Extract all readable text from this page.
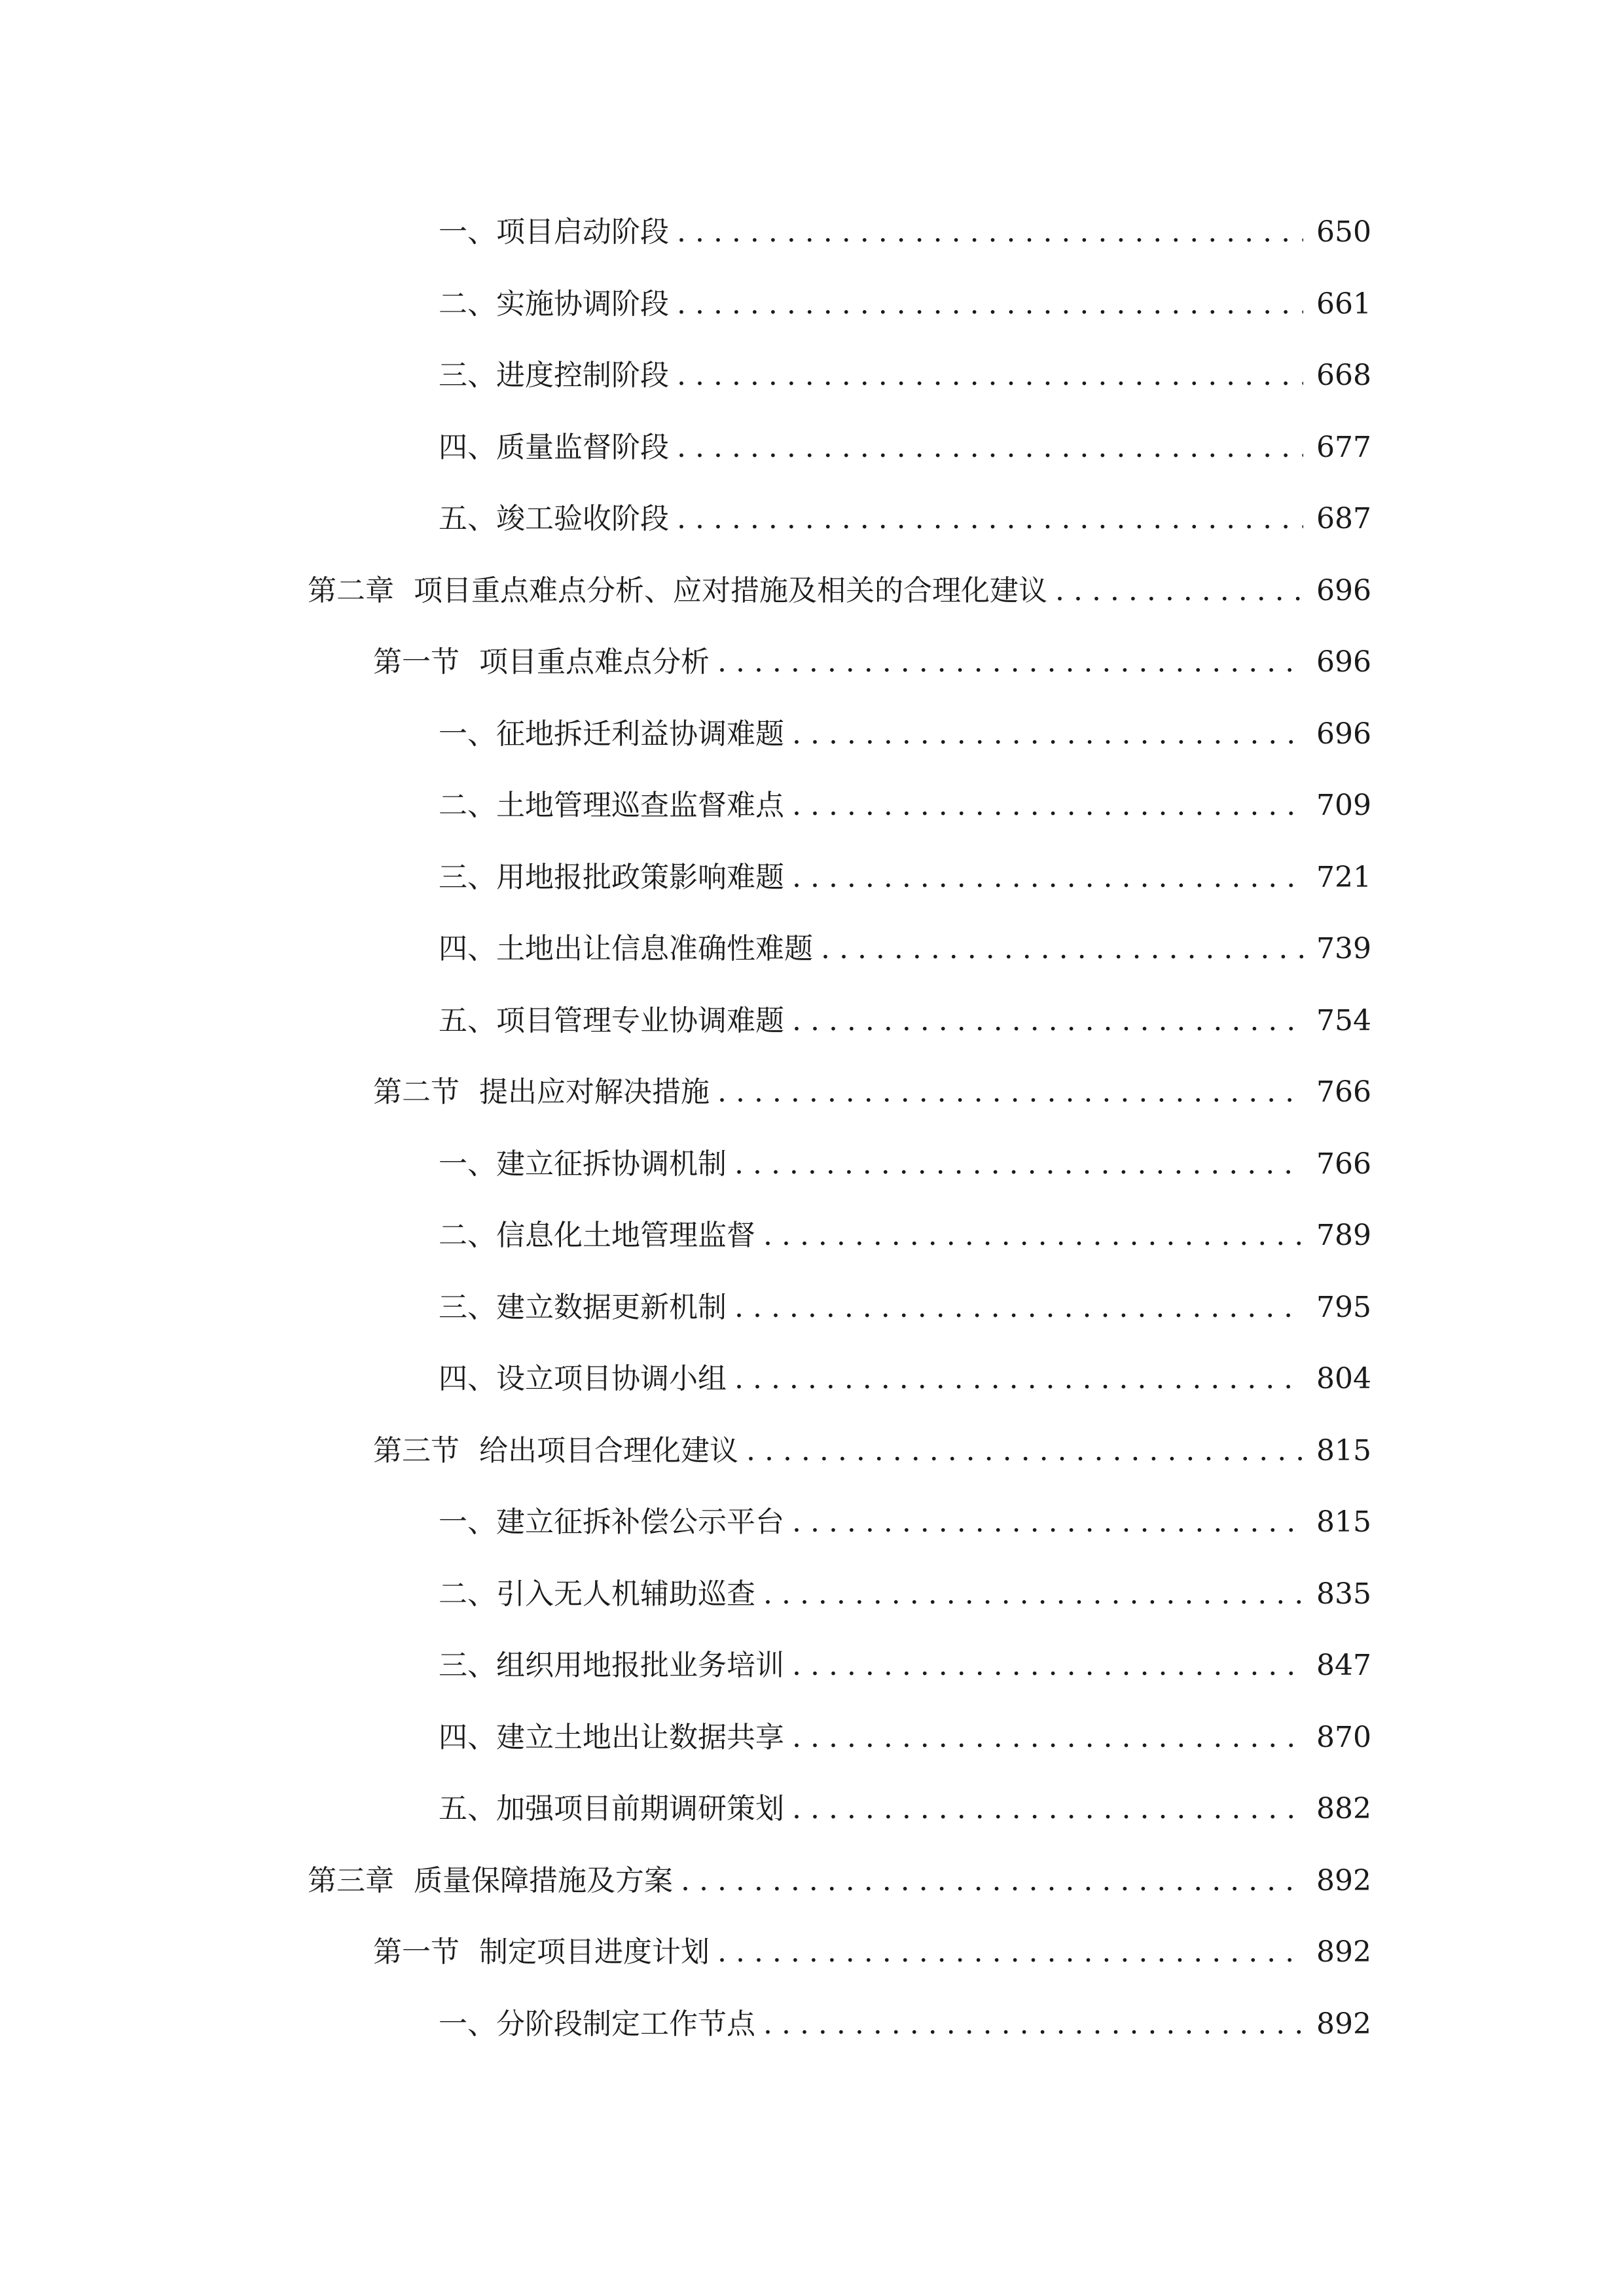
一、 项目启动阶段 . . .	650
二、 实施协调阶段 . . .	661
三、 进度控制阶段 . . .	668
四、 质量监督阶段 . . .	677
五、 竣工验收阶段 . . .	687
第二章 项目重点难点分析、应对措施及相关的合理化建议 . . .	696
第一节 项目重点难点分析 . . .	696
一、 征地拆迁利益协调难题 . . .	696
二、 土地管理巡查监督难点 . . .	709
三、 用地报批政策影响难题 . . .	721
四、 土地出让信息准确性难题 . . .	739
五、 项目管理专业协调难题 . . .	754
第二节 提出应对解决措施 . . .	766
一、 建立征拆协调机制 . . .	766
二、 信息化土地管理监督 . . .	789
三、 建立数据更新机制 . . .	795
四、 设立项目协调小组 . . .	804
第三节 给出项目合理化建议 . . .	815
一、 建立征拆补偿公示平台 . . .	815
二、 引入无人机辅助巡查 . . .	835
三、 组织用地报批业务培训 . . .	847
四、 建立土地出让数据共享 . . .	870
五、 加强项目前期调研策划 . . .	882
第三章 质量保障措施及方案 . . .	892
第一节 制定项目进度计划 . . .	892
一、 分阶段制定工作节点 . . .	892
